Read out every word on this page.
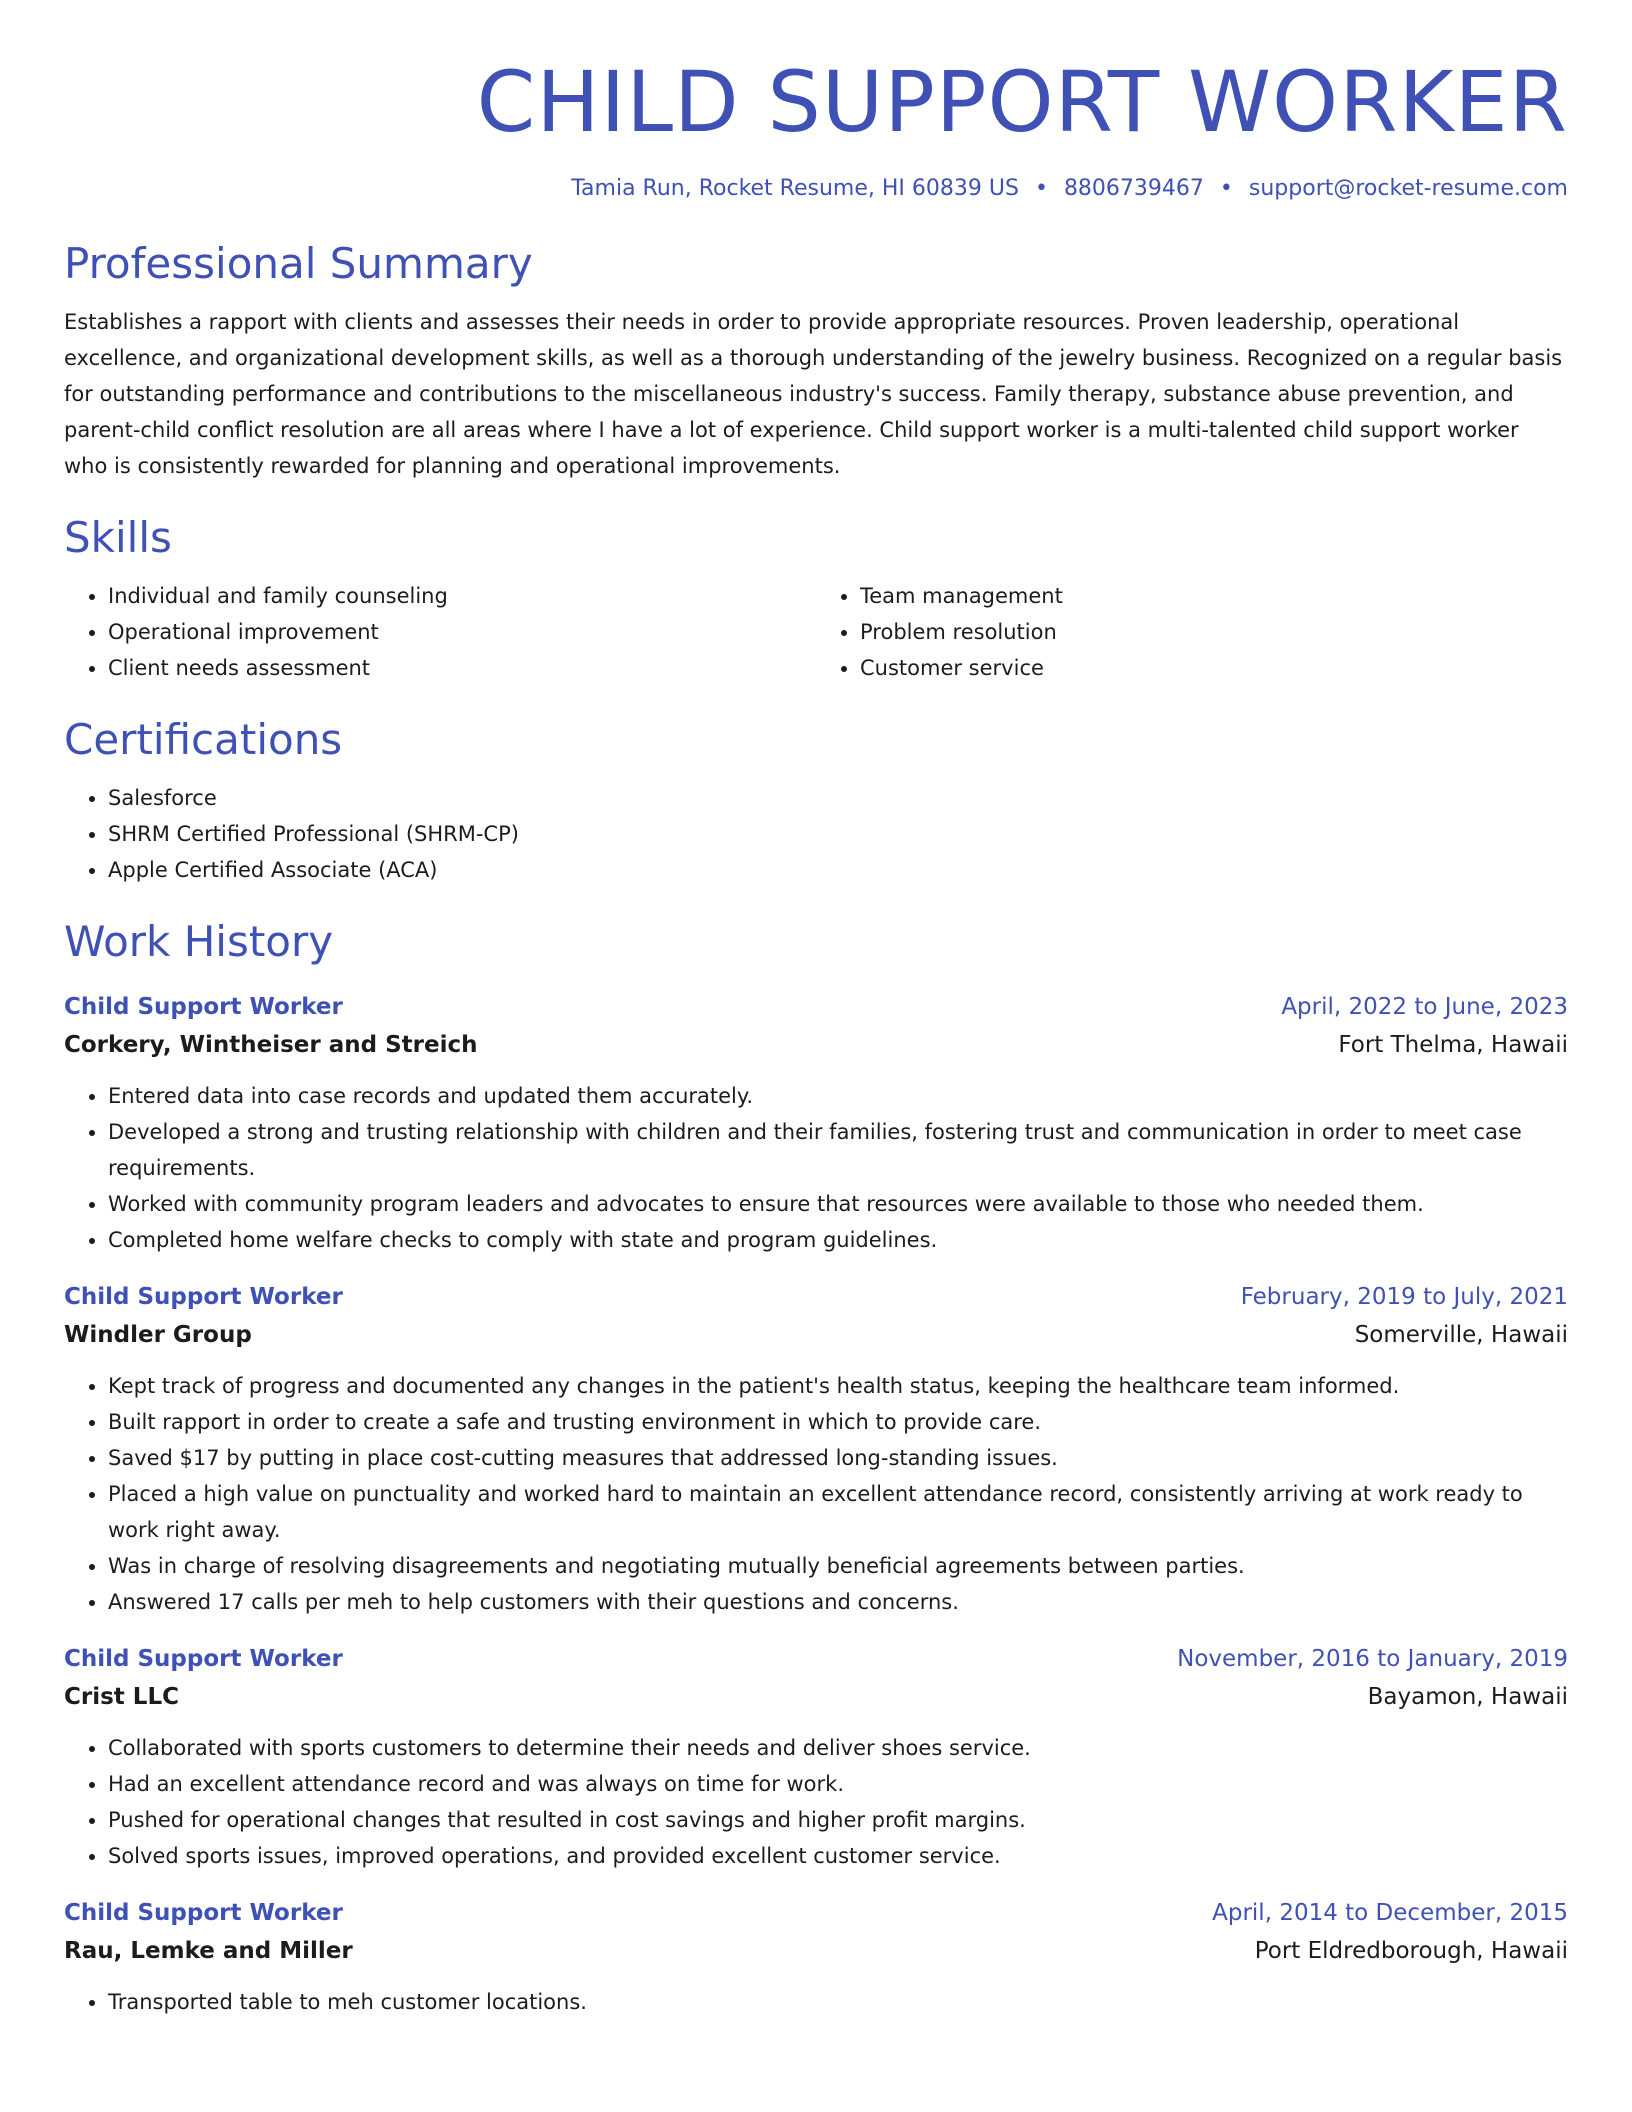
CHILD SUPPORT WORKER
Tamia Run, Rocket Resume, HI 60839 US • 8806739467 • support@rocket-resume.com
Professional Summary

Establishes a rapport with clients and assesses their needs in order to provide appropriate resources. Proven leadership, operational excellence, and organizational development skills, as well as a thorough understanding of the jewelry business. Recognized on a regular basis for outstanding performance and contributions to the miscellaneous industry's success. Family therapy, substance abuse prevention, and parent-child conflict resolution are all areas where I have a lot of experience. Child support worker is a multi-talented child support worker who is consistently rewarded for planning and operational improvements.

Skills
• Individual and family counseling
• Operational improvement
• Client needs assessment
• Team management
• Problem resolution
• Customer service
Certifications
• Salesforce
• SHRM Certified Professional (SHRM-CP)
• Apple Certified Associate (ACA)
Work History
Child Support Worker	April, 2022 to June, 2023
Corkery, Wintheiser and Streich	Fort Thelma, Hawaii
• Entered data into case records and updated them accurately.
• Developed a strong and trusting relationship with children and their families, fostering trust and communication in order to meet case requirements.
• Worked with community program leaders and advocates to ensure that resources were available to those who needed them.
• Completed home welfare checks to comply with state and program guidelines.
Child Support Worker	February, 2019 to July, 2021
Windler Group	Somerville, Hawaii
• Kept track of progress and documented any changes in the patient's health status, keeping the healthcare team informed.
• Built rapport in order to create a safe and trusting environment in which to provide care.
• Saved $17 by putting in place cost-cutting measures that addressed long-standing issues.
• Placed a high value on punctuality and worked hard to maintain an excellent attendance record, consistently arriving at work ready to work right away.
• Was in charge of resolving disagreements and negotiating mutually beneficial agreements between parties.
• Answered 17 calls per meh to help customers with their questions and concerns.
Child Support Worker	November, 2016 to January, 2019
Crist LLC	Bayamon, Hawaii
• Collaborated with sports customers to determine their needs and deliver shoes service.
• Had an excellent attendance record and was always on time for work.
• Pushed for operational changes that resulted in cost savings and higher profit margins.
• Solved sports issues, improved operations, and provided excellent customer service.
Child Support Worker	April, 2014 to December, 2015
Rau, Lemke and Miller	Port Eldredborough, Hawaii
• Transported table to meh customer locations.
